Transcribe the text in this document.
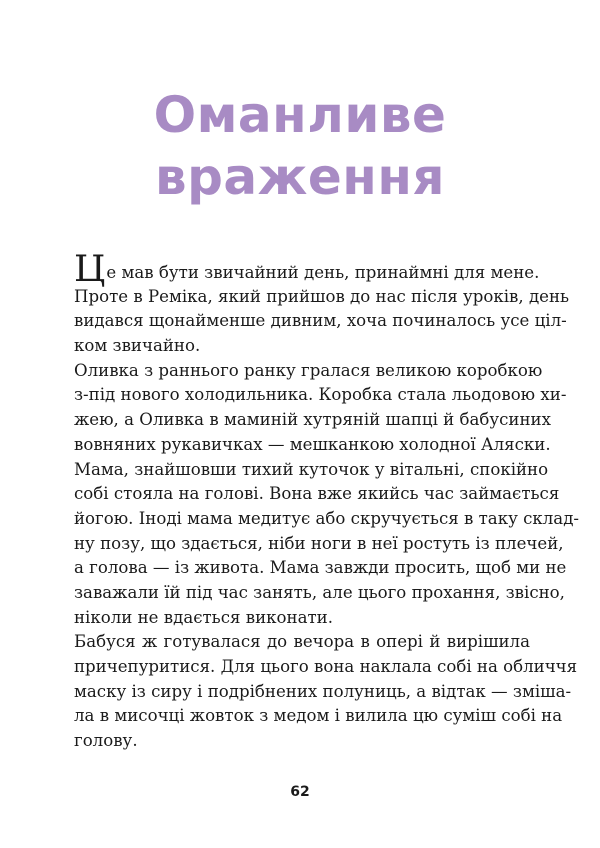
Оманливе
враження
Це мав бути звичайний день, принаймні для мене.
Проте в Реміка, який прийшов до нас після уроків, день
видався щонайменше дивним, хоча починалось усе ціл-
ком звичайно.
Оливка з раннього ранку гралася великою коробкою
з-під нового холодильника. Коробка стала льодовою хи-
жею, а Оливка в маминій хутряній шапці й бабусиних
вовняних рукавичках — мешканкою холодної Аляски.
Мама, знайшовши тихий куточок у вітальні, спокійно
собі стояла на голові. Вона вже якийсь час займається
йогою. Іноді мама медитує або скручується в таку склад-
ну позу, що здається, ніби ноги в неї ростуть із плечей,
а голова — із живота. Мама завжди просить, щоб ми не
заважали їй під час занять, але цього прохання, звісно,
ніколи не вдається виконати.
Бабуся ж готувалася до вечора в опері й вирішила
причепуритися. Для цього вона наклала собі на обличчя
маску із сиру і подрібнених полуниць, а відтак — зміша-
ла в мисочці жовток з медом і вилила цю суміш собі на
голову.
62
